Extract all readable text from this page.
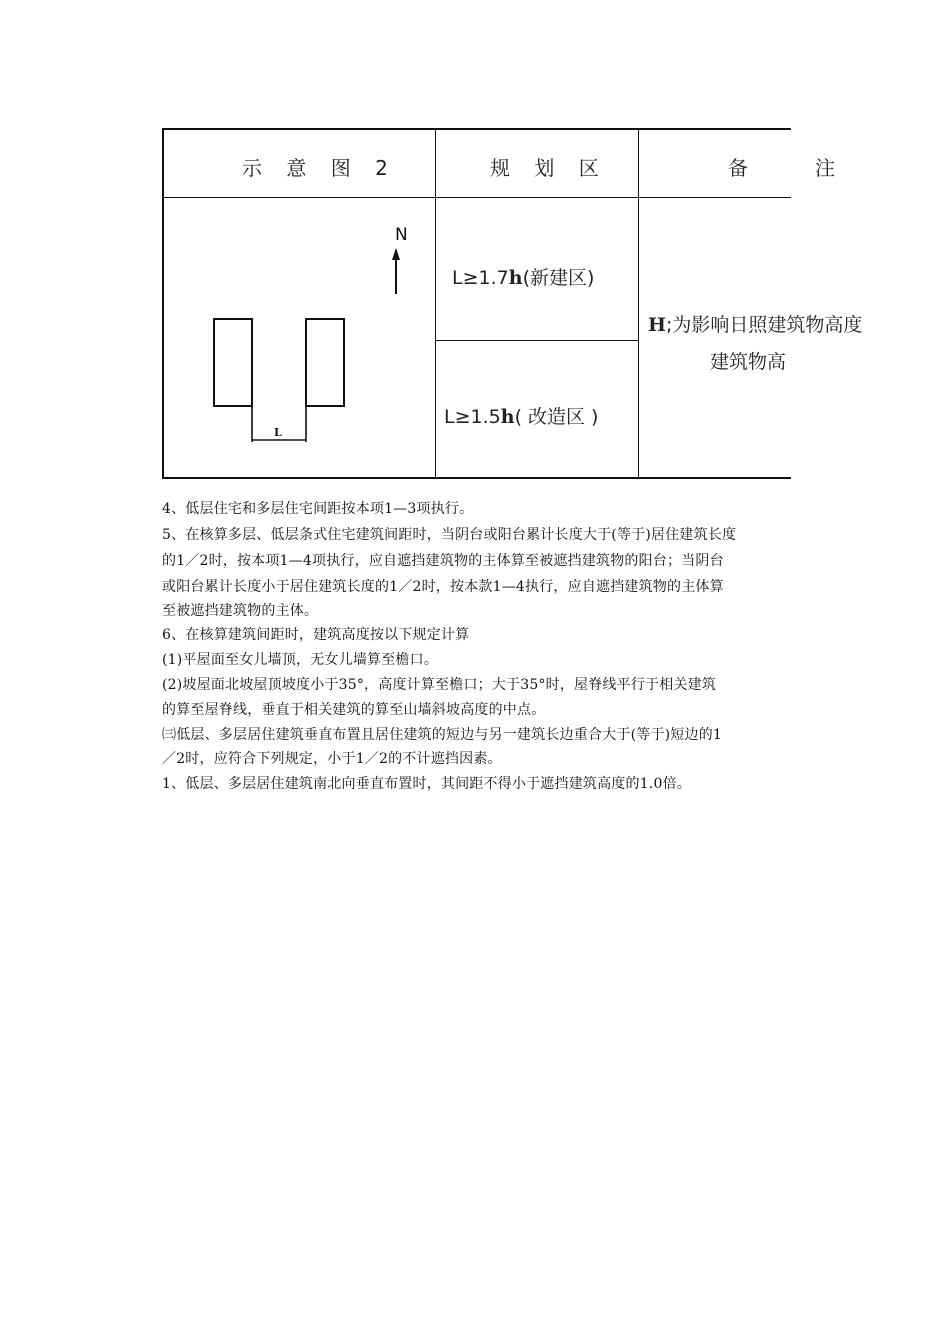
示 意 图 2	规 划 区	备　　注
N
L
L≥1.7h(新建区)
L≥1.5h( 改造区 )
H;为影响日照建筑物高度
建筑物高
4、低层住宅和多层住宅间距按本项1—3项执行。
5、在核算多层、低层条式住宅建筑间距时，当阴台或阳台累计长度大于(等于)居住建筑长度
的1／2时，按本项1—4项执行，应自遮挡建筑物的主体算至被遮挡建筑物的阳台；当阴台
或阳台累计长度小于居住建筑长度的1／2时，按本款1—4执行，应自遮挡建筑物的主体算
至被遮挡建筑物的主体。
6、在核算建筑间距时，建筑高度按以下规定计算
(1)平屋面至女儿墙顶，无女儿墙算至檐口。
(2)坡屋面北坡屋顶坡度小于35°，高度计算至檐口；大于35°时，屋脊线平行于相关建筑
的算至屋脊线，垂直于相关建筑的算至山墙斜坡高度的中点。
㈢低层、多层居住建筑垂直布置且居住建筑的短边与另一建筑长边重合大于(等于)短边的1
／2时，应符合下列规定，小于1／2的不计遮挡因素。
1、低层、多层居住建筑南北向垂直布置时，其间距不得小于遮挡建筑高度的1.0倍。
